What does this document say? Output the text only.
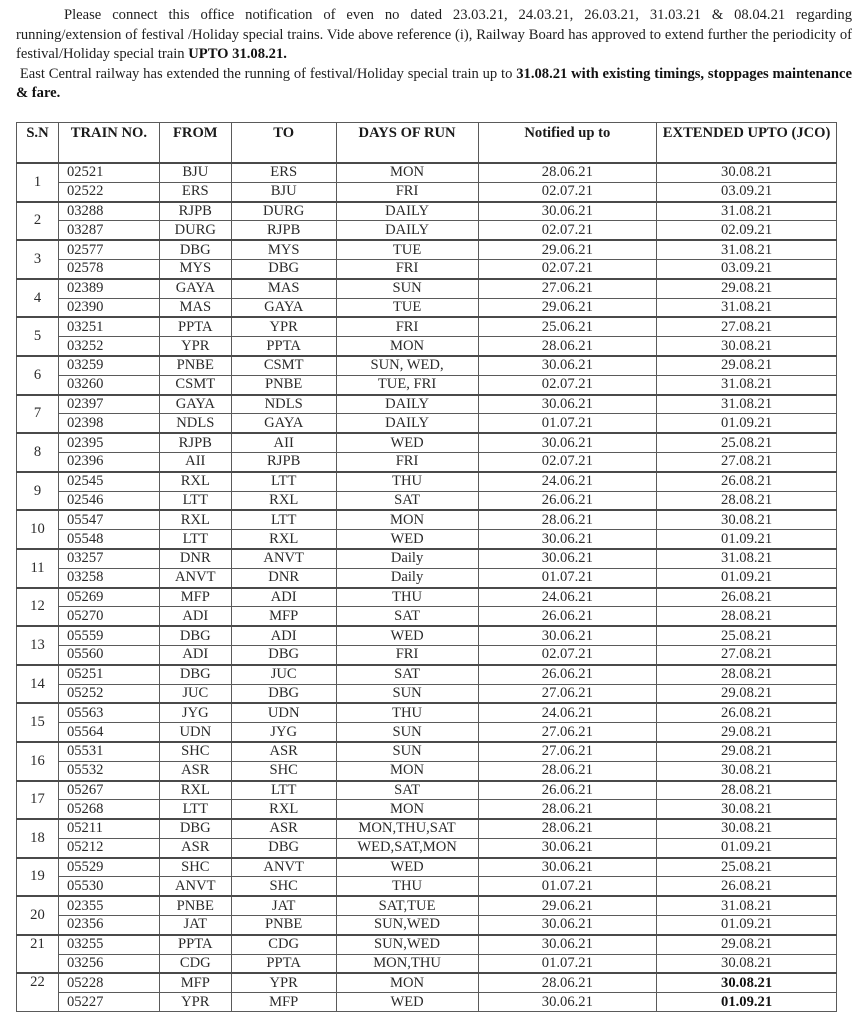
Please connect this office notification of even no dated 23.03.21, 24.03.21, 26.03.21, 31.03.21 & 08.04.21 regarding running/extension of festival /Holiday special trains. Vide above reference (i), Railway Board has approved to extend further the periodicity of festival/Holiday special train UPTO 31.08.21.

East Central railway has extended the running of festival/Holiday special train up to 31.08.21 with existing timings, stoppages maintenance & fare.

S.N	TRAIN NO.	FROM	TO	DAYS OF RUN	Notified up to	EXTENDED UPTO (JCO)
1	02521	BJU	ERS	MON	28.06.21	30.08.21
	02522	ERS	BJU	FRI	02.07.21	03.09.21
2	03288	RJPB	DURG	DAILY	30.06.21	31.08.21
	03287	DURG	RJPB	DAILY	02.07.21	02.09.21
3	02577	DBG	MYS	TUE	29.06.21	31.08.21
	02578	MYS	DBG	FRI	02.07.21	03.09.21
4	02389	GAYA	MAS	SUN	27.06.21	29.08.21
	02390	MAS	GAYA	TUE	29.06.21	31.08.21
5	03251	PPTA	YPR	FRI	25.06.21	27.08.21
	03252	YPR	PPTA	MON	28.06.21	30.08.21
6	03259	PNBE	CSMT	SUN, WED,	30.06.21	29.08.21
	03260	CSMT	PNBE	TUE, FRI	02.07.21	31.08.21
7	02397	GAYA	NDLS	DAILY	30.06.21	31.08.21
	02398	NDLS	GAYA	DAILY	01.07.21	01.09.21
8	02395	RJPB	AII	WED	30.06.21	25.08.21
	02396	AII	RJPB	FRI	02.07.21	27.08.21
9	02545	RXL	LTT	THU	24.06.21	26.08.21
	02546	LTT	RXL	SAT	26.06.21	28.08.21
10	05547	RXL	LTT	MON	28.06.21	30.08.21
	05548	LTT	RXL	WED	30.06.21	01.09.21
11	03257	DNR	ANVT	Daily	30.06.21	31.08.21
	03258	ANVT	DNR	Daily	01.07.21	01.09.21
12	05269	MFP	ADI	THU	24.06.21	26.08.21
	05270	ADI	MFP	SAT	26.06.21	28.08.21
13	05559	DBG	ADI	WED	30.06.21	25.08.21
	05560	ADI	DBG	FRI	02.07.21	27.08.21
14	05251	DBG	JUC	SAT	26.06.21	28.08.21
	05252	JUC	DBG	SUN	27.06.21	29.08.21
15	05563	JYG	UDN	THU	24.06.21	26.08.21
	05564	UDN	JYG	SUN	27.06.21	29.08.21
16	05531	SHC	ASR	SUN	27.06.21	29.08.21
	05532	ASR	SHC	MON	28.06.21	30.08.21
17	05267	RXL	LTT	SAT	26.06.21	28.08.21
	05268	LTT	RXL	MON	28.06.21	30.08.21
18	05211	DBG	ASR	MON,THU,SAT	28.06.21	30.08.21
	05212	ASR	DBG	WED,SAT,MON	30.06.21	01.09.21
19	05529	SHC	ANVT	WED	30.06.21	25.08.21
	05530	ANVT	SHC	THU	01.07.21	26.08.21
20	02355	PNBE	JAT	SAT,TUE	29.06.21	31.08.21
	02356	JAT	PNBE	SUN,WED	30.06.21	01.09.21
21	03255	PPTA	CDG	SUN,WED	30.06.21	29.08.21
	03256	CDG	PPTA	MON,THU	01.07.21	30.08.21
22	05228	MFP	YPR	MON	28.06.21	30.08.21
	05227	YPR	MFP	WED	30.06.21	01.09.21
